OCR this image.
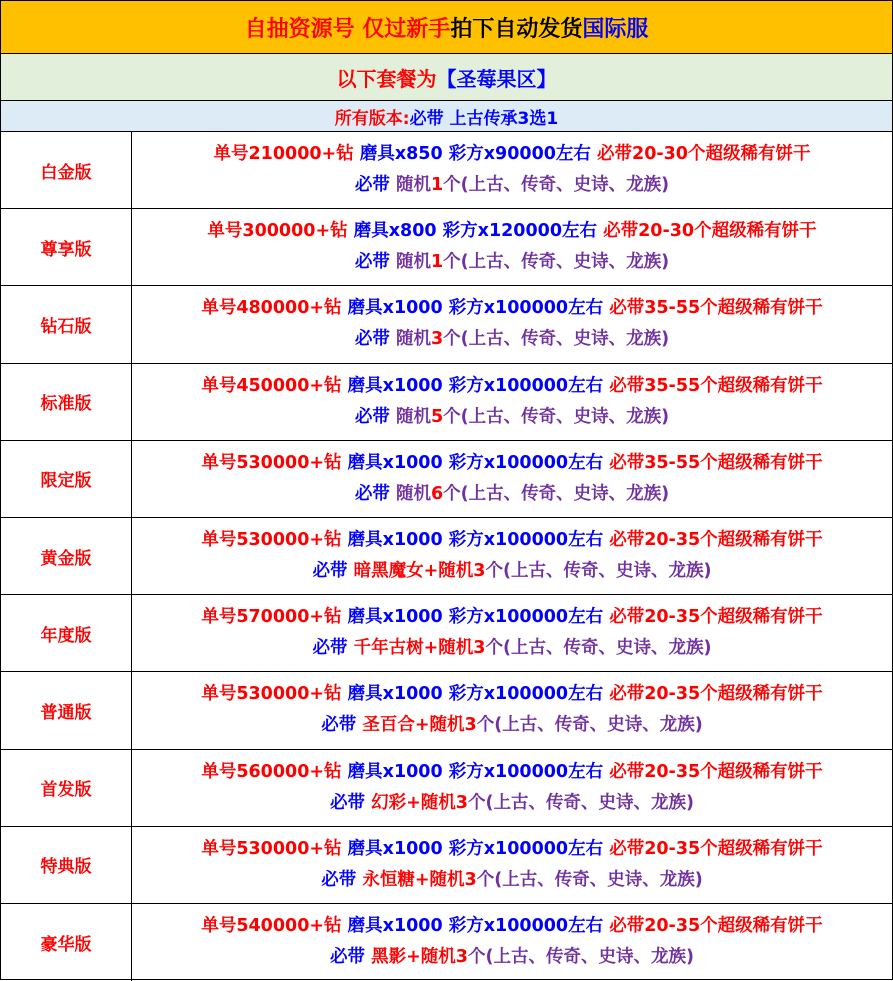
自抽资源号 仅过新手 拍下自动发货 国际服
以下套餐为 【圣莓果区】
所有版本: 必带 上古传承3选1
白金版
单号210000+钻 磨具x850 彩方x90000左右 必带20-30个超级稀有饼干
必带 随机1个(上古、传奇、史诗、龙族)
尊享版
单号300000+钻 磨具x800 彩方x120000左右 必带20-30个超级稀有饼干
必带 随机1个(上古、传奇、史诗、龙族)
钻石版
单号480000+钻 磨具x1000 彩方x100000左右 必带35-55个超级稀有饼干
必带 随机3个(上古、传奇、史诗、龙族)
标准版
单号450000+钻 磨具x1000 彩方x100000左右 必带35-55个超级稀有饼干
必带 随机5个(上古、传奇、史诗、龙族)
限定版
单号530000+钻 磨具x1000 彩方x100000左右 必带35-55个超级稀有饼干
必带 随机6个(上古、传奇、史诗、龙族)
黄金版
单号530000+钻 磨具x1000 彩方x100000左右 必带20-35个超级稀有饼干
必带 暗黑魔女+随机3个(上古、传奇、史诗、龙族)
年度版
单号570000+钻 磨具x1000 彩方x100000左右 必带20-35个超级稀有饼干
必带 千年古树+随机3个(上古、传奇、史诗、龙族)
普通版
单号530000+钻 磨具x1000 彩方x100000左右 必带20-35个超级稀有饼干
必带 圣百合+随机3个(上古、传奇、史诗、龙族)
首发版
单号560000+钻 磨具x1000 彩方x100000左右 必带20-35个超级稀有饼干
必带 幻彩+随机3个(上古、传奇、史诗、龙族)
特典版
单号530000+钻 磨具x1000 彩方x100000左右 必带20-35个超级稀有饼干
必带 永恒糖+随机3个(上古、传奇、史诗、龙族)
豪华版
单号540000+钻 磨具x1000 彩方x100000左右 必带20-35个超级稀有饼干
必带 黑影+随机3个(上古、传奇、史诗、龙族)
